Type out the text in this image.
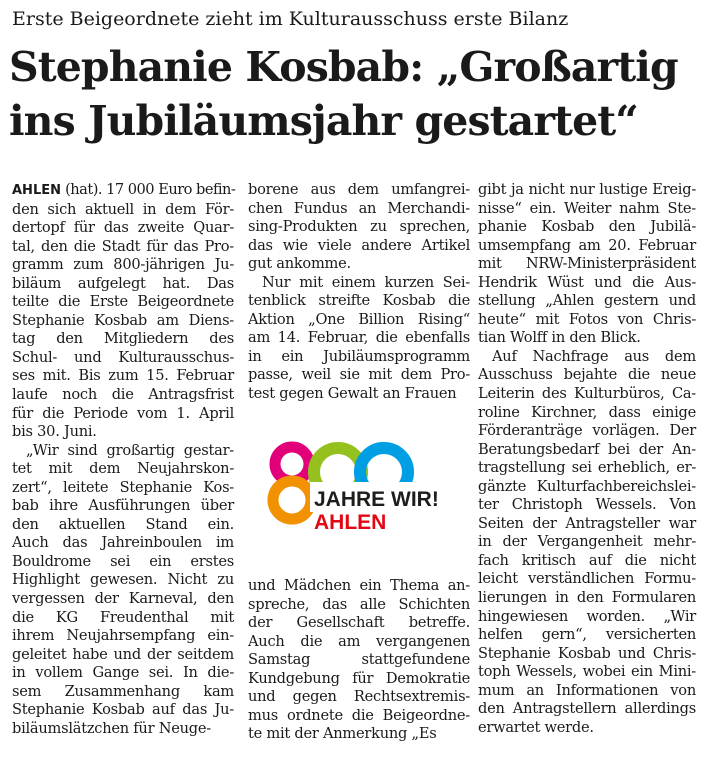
Erste Beigeordnete zieht im Kulturausschuss erste Bilanz
Stephanie Kosbab: „Großartig
ins Jubiläumsjahr gestartet“

AHLEN (hat). 17 000 Euro befin-

den sich aktuell in dem För-

dertopf für das zweite Quar-

tal, den die Stadt für das Pro-

gramm zum 800-jährigen Ju-

biläum aufgelegt hat. Das

teilte die Erste Beigeordnete

Stephanie Kosbab am Diens-

tag den Mitgliedern des

Schul- und Kulturausschus-

ses mit. Bis zum 15. Februar

laufe noch die Antragsfrist

für die Periode vom 1. April

bis 30. Juni.

„Wir sind großartig gestar-

tet mit dem Neujahrskon-

zert“, leitete Stephanie Kos-

bab ihre Ausführungen über

den aktuellen Stand ein.

Auch das Jahreinboulen im

Bouldrome sei ein erstes

Highlight gewesen. Nicht zu

vergessen der Karneval, den

die KG Freudenthal mit

ihrem Neujahrsempfang ein-

geleitet habe und der seitdem

in vollem Gange sei. In die-

sem Zusammenhang kam

Stephanie Kosbab auf das Ju-

biläumslätzchen für Neuge-

borene aus dem umfangrei-

chen Fundus an Merchandi-

sing-Produkten zu sprechen,

das wie viele andere Artikel

gut ankomme.

Nur mit einem kurzen Sei-

tenblick streifte Kosbab die

Aktion „One Billion Rising“

am 14. Februar, die ebenfalls

in ein Jubiläumsprogramm

passe, weil sie mit dem Pro-

test gegen Gewalt an Frauen

und Mädchen ein Thema an-

spreche, das alle Schichten

der Gesellschaft betreffe.

Auch die am vergangenen

Samstag stattgefundene

Kundgebung für Demokratie

und gegen Rechtsextremis-

mus ordnete die Beigeordne-

te mit der Anmerkung „Es

gibt ja nicht nur lustige Ereig-

nisse“ ein. Weiter nahm Ste-

phanie Kosbab den Jubilä-

umsempfang am 20. Februar

mit NRW-Ministerpräsident

Hendrik Wüst und die Aus-

stellung „Ahlen gestern und

heute“ mit Fotos von Chris-

tian Wolff in den Blick.

Auf Nachfrage aus dem

Ausschuss bejahte die neue

Leiterin des Kulturbüros, Ca-

roline Kirchner, dass einige

Förderanträge vorlägen. Der

Beratungsbedarf bei der An-

tragstellung sei erheblich, er-

gänzte Kulturfachbereichslei-

ter Christoph Wessels. Von

Seiten der Antragsteller war

in der Vergangenheit mehr-

fach kritisch auf die nicht

leicht verständlichen Formu-

lierungen in den Formularen

hingewiesen worden. „Wir

helfen gern“, versicherten

Stephanie Kosbab und Chris-

toph Wessels, wobei ein Mini-

mum an Informationen von

den Antragstellern allerdings

erwartet werde.

JAHRE WIR!
AHLEN
